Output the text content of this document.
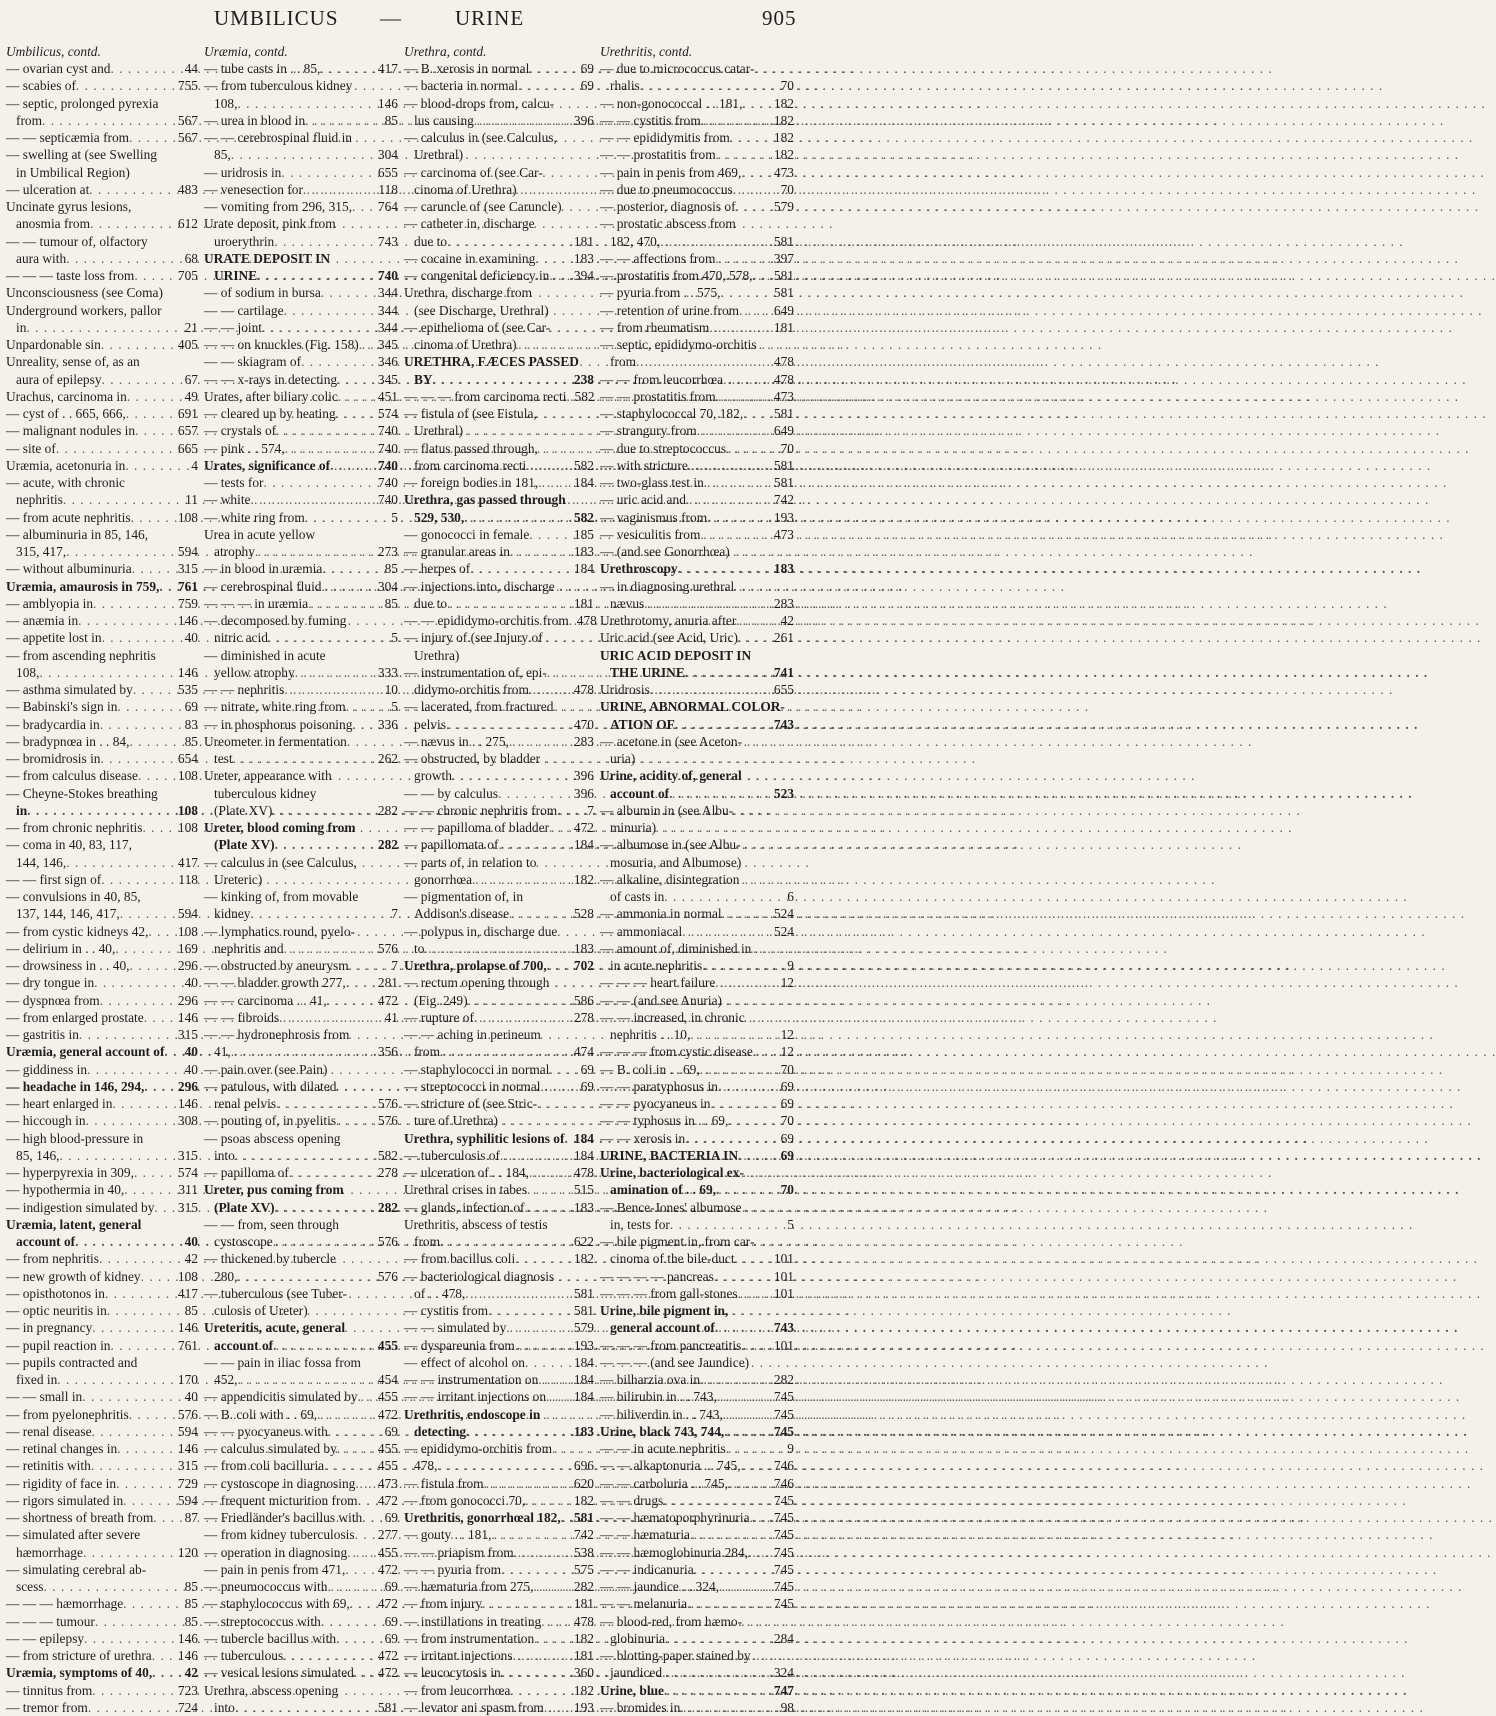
UMBILICUS —	URINE	905
Umbilicus, contd.
— ovarian cyst and . . .	44
— scabies of . . .	755
— septic, prolonged pyrexia
from . . .	567
— — septicæmia from . . .	567
— swelling at (see Swelling
in Umbilical Region)
— ulceration at . . .	483
Uncinate gyrus lesions,
anosmia from . . .	612
— — tumour of, olfactory
aura with . . .	68
— — — taste loss from . . .	705
Unconsciousness (see Coma)
Underground workers, pallor
in . . .	21
Unpardonable sin . . .	405
Unreality, sense of, as an
aura of epilepsy . . .	67
Urachus, carcinoma in . . .	49
— cyst of . . 665, 666, . . .	691
— malignant nodules in . . .	657
— site of . . .	665
Uræmia, acetonuria in . . .	4
— acute, with chronic
nephritis . . .	11
— from acute nephritis . . .	108
— albuminuria in 85, 146,
315, 417, . . .	594
— without albuminuria . . .	315
Uræmia, amaurosis in 759, . . . 761
— amblyopia in . . .	759
— anæmia in . . .	146
— appetite lost in . . .	40
— from ascending nephritis
108, . . .	146
— asthma simulated by . . .	535
— Babinski's sign in . . .	69
— bradycardia in . . .	83
— bradypnœa in . . 84, . . .	85
— bromidrosis in . . .	654
— from calculus disease . . .	108
— Cheyne-Stokes breathing
in . . .	108
— from chronic nephritis . . .	108
— coma in 40, 83, 117,
144, 146, . . .	417
— — first sign of . . .	118
— convulsions in 40, 85,
137, 144, 146, 417, . . .	594
— from cystic kidneys 42, . . . 108
— delirium in . . 40, . . .	169
— drowsiness in . . 40, . . .	296
— dry tongue in . . .	40
— dyspnœa from . . .	296
— from enlarged prostate . . .	146
— gastritis in . . .	315
Uræmia, general account of . . . 40
— giddiness in . . .	40
— headache in 146, 294, . . .	296
— heart enlarged in . . .	146
— hiccough in . . .	308
— high blood-pressure in
85, 146, . . .	315
— hyperpyrexia in 309, . . .	574
— hypothermia in 40, . . .	311
— indigestion simulated by . . . 315
Uræmia, latent, general
account of . . .	40
— from nephritis . . .	42
— new growth of kidney . . .	108
— opisthotonos in . . .	417
— optic neuritis in . . .	85
— in pregnancy . . .	146
— pupil reaction in . . .	761
— pupils contracted and
fixed in . . .	170
— — small in . . .	40
— from pyelonephritis . . .	576
— renal disease . . .	594
— retinal changes in . . .	146
— retinitis with . . .	315
— rigidity of face in . . .	729
— rigors simulated in . . .	594
— shortness of breath from . . . 87
— simulated after severe
hæmorrhage . . .	120
— simulating cerebral ab-
scess . . .	85
— — — hæmorrhage . . .	85
— — — tumour . . .	85
— — epilepsy . . .	146
— from stricture of urethra . . . 146
Uræmia, symptoms of 40, . . . 42
— tinnitus from . . .	723
— tremor from . . .	724
Uræmia, contd.
— tube casts in . . 85, . . .	417
— from tuberculous kidney
108, . . .	146
— urea in blood in . . .	85
— — cerebrospinal fluid in
85, . . .	304
— uridrosis in . . .	655
— venesection for . . .	118
— vomiting from 296, 315, . . . 764
Urate deposit, pink from
uroerythrin . . .	743
URATE DEPOSIT IN
URINE . . .	740
— of sodium in bursa . . .	344
— — cartilage . . .	344
— — joint . . .	344
— — on knuckles (Fig. 158) . . . 345
— — skiagram of . . .	346
— — x-rays in detecting . . .	345
Urates, after biliary colic . . .	451
— cleared up by heating . . .	574
— crystals of . . .	740
— pink . . 574, . . .	740
Urates, significance of . . .	740
— tests for . . .	740
— white . . .	740
— white ring from . . .	5
Urea in acute yellow
atrophy . . .	273
— in blood in uræmia . . .	85
— cerebrospinal fluid . . .	304
— — — in uræmia . . .	85
— decomposed by fuming
nitric acid . . .	5
— diminished in acute
yellow atrophy . . .	333
— — nephritis . . .	10
— nitrate, white ring from . . .	5
— in phosphorus poisoning . . . 336
Ureometer in fermentation
test . . .	262
Ureter, appearance with
tuberculous kidney
(Plate XV) . . .	282
Ureter, blood coming from
(Plate XV) . . .	282
— calculus in (see Calculus,
Ureteric)
— kinking of, from movable
kidney . . .	7
— lymphatics round, pyelo-
nephritis and . . .	576
— obstructed by aneurysm . . .	7
— — bladder growth 277, . . . 281
— — carcinoma . . 41, . . .	472
— — fibroids . . .	41
— — hydronephrosis from
41, . . .	356
— pain over (see Pain)
— patulous, with dilated
renal pelvis . . .	576
— pouting of, in pyelitis . . .	576
— psoas abscess opening
into . . .	582
— papilloma of . . .	278
Ureter, pus coming from
(Plate XV) . . .	282
— — from, seen through
cystoscope . . .	576
— thickened by tubercle
280, . . .	576
— tuberculous (see Tuber-
culosis of Ureter)
Ureteritis, acute, general
account of . . .	455
— — pain in iliac fossa from
452, . . .	454
— appendicitis simulated by . . . 455
— B. coli with . . 69, . . .	472
— — pyocyaneus with . . .	69
— calculus simulated by . . .	455
— from coli bacilluria . . .	455
— cystoscope in diagnosing . . . 473
— frequent micturition from . . . 472
— Friedländer's bacillus with . . . 69
— from kidney tuberculosis . . . 277
— operation in diagnosing . . . 455
— pain in penis from 471, . . . 472
— pneumococcus with . . .	69
— staphylococcus with 69, . . . 472
— streptococcus with . . .	69
— tubercle bacillus with . . .	69
— tuberculous . . .	472
— vesical lesions simulated . . . 472
Urethra, abscess opening
into . . .	581
Urethra, contd.
— B. xerosis in normal . . .	69
— bacteria in normal . . .	69
— blood-drops from, calcu-
lus causing . . .	396
— calculus in (see Calculus,
Urethral)
— carcinoma of (see Car-
cinoma of Urethra)
— caruncle of (see Caruncle)
— catheter in, discharge
due to . . .	181
— cocaine in examining . . .	183
— congenital deficiency in . . . 394
Urethra, discharge from
(see Discharge, Urethral)
— epithelioma of (see Car-
cinoma of Urethra)
URETHRA, FÆCES PASSED
BY . . .	238
— — — from carcinoma recti . . . 582
— fistula of (see Fistula,
Urethral)
— flatus passed through,
from carcinoma recti . . .	582
— foreign bodies in 181, . . .	184
Urethra, gas passed through
529, 530, . . .	582
— gonococci in female . . .	185
— granular areas in . . .	183
— herpes of . . .	184
— injections into, discharge
due to . . .	181
— — epididymo-orchitis from . . . 478
— injury of (see Injury of
Urethra)
— instrumentation of, epi-
didymo-orchitis from . . .	478
— lacerated, from fractured
pelvis . . .	470
— nævus in . . 275, . . .	283
— obstructed, by bladder
growth . . .	396
— — by calculus . . .	396
— — chronic nephritis from . . . 7
— — papilloma of bladder . . . 472
— papillomata of . . .	184
— parts of, in relation to
gonorrhœa . . .	182
— pigmentation of, in
Addison's disease . . .	528
— polypus in, discharge due
to . . .	183
Urethra, prolapse of 700, . . . 702
— rectum opening through
(Fig. 249) . . .	586
— rupture of . . .	278
— — aching in perineum
from . . .	474
— staphylococci in normal . . . 69
— streptococci in normal . . .	69
— stricture of (see Stric-
ture of Urethra)
Urethra, syphilitic lesions of . . . 184
— tuberculosis of . . .	184
— ulceration of . . 184, . . .	478
Urethral crises in tabes . . .	515
— glands, infection of . . .	183
Urethritis, abscess of testis
from . . .	622
— from bacillus coli . . .	182
— bacteriological diagnosis
of . . 478, . . .	581
— cystitis from . . .	581
— — simulated by . . .	579
— dyspareunia from . . .	193
— effect of alcohol on . . .	184
— — instrumentation on . . .	184
— — irritant injections on . . . 184
Urethritis, endoscope in
detecting . . .	183
— epididymo-orchitis from
478, . . .	696
— fistula from . . .	620
— from gonococci 70, . . .	182
Urethritis, gonorrhœal 182, . . . 581
— gouty . . 181, . . .	742
— — priapism from . . .	538
— — pyuria from . . .	575
— hæmaturia from 275, . . .	282
— from injury . . .	181
— instillations in treating . . . 478
— from instrumentation . . .	182
— irritant injections . . .	181
— leucocytosis in . . .	360
— from leucorrhœa . . .	182
— levator ani spasm from . . . 193
Urethritis, contd.
— due to micrococcus catar-
rhalis . . .	70
— non-gonococcal . . 181, . . . 182
— — cystitis from . . .	182
— — epididymitis from . . .	182
— — prostatitis from . . .	182
— pain in penis from 469, . . . 473
— due to pneumococcus . . .	70
— posterior, diagnosis of . . .	579
— prostatic abscess from
182, 470, . . .	581
— — affections from . . .	397
— prostatitis from 470, 578, . . . 581
— pyuria from . . 575, . . .	581
— retention of urine from . . .	649
— from rheumatism . . .	181
— septic, epididymo-orchitis
from . . .	478
— — from leucorrhœa . . .	478
— — prostatitis from . . .	473
— staphylococcal 70, 182, . . . 581
— strangury from . . .	649
— due to streptococcus . . .	70
— with stricture . . .	581
— two-glass test in . . .	581
— uric acid and . . .	742
— vaginismus from . . .	193
— vesiculitis from . . .	473
— (and see Gonorrhœa)
Urethroscopy . . .	183
— in diagnosing urethral
nævus . . .	283
Urethrotomy, anuria after . . .	42
Uric acid (see Acid, Uric) . . .	261
URIC ACID DEPOSIT IN
THE URINE . . .	741
Uridrosis . . .	655
URINE, ABNORMAL COLOR-
ATION OF . . .	743
— acetone in (see Aceton-
uria)
Urine, acidity of, general
account of . . .	523
— albumin in (see Albu-
minuria)
— albumose in (see Albu-
mosuria, and Albumose)
— alkaline, disintegration
of casts in . . .	6
— ammonia in normal . . .	524
— ammoniacal . . .	524
— amount of, diminished in
in acute nephritis . . .	9
— — — heart failure . . .	12
— — (and see Anuria)
— — increased, in chronic
nephritis . . 10, . . .	12
— — — from cystic disease . . . 12
— B. coli in . . 69, . . .	70
— — paratyphosus in . . .	69
— — pyocyaneus in . . .	69
— — typhosus in . . 69, . . .	70
— — xerosis in . . .	69
URINE, BACTERIA IN . . .	69
Urine, bacteriological ex-
amination of . . 69, . . .	70
— Bence-Jones' albumose
in, tests for . . .	5
— bile pigment in, from car-
cinoma of the bile-duct . . .	101
— — — — pancreas . . .	101
— — — from gall-stones . . .	101
Urine, bile pigment in,
general account of . . .	743
— — — from pancreatitis . . . 101
— — — (and see Jaundice)
— bilharzia ova in . . .	282
— bilirubin in . . 743, . . .	745
— biliverdin in . . 743, . . .	745
Urine, black 743, 744, . . .	745
— — in acute nephritis . . .	9
— — alkaptonuria . . 745, . . . 746
— — carboluria . . 745, . . .	746
— — drugs . . .	745
— — hæmatoporphyrinuria . . . 745
— — hæmaturia . . .	745
— — hæmoglobinuria 284, . . . 745
— — indicanuria . . .	745
— — jaundice . . 324, . . .	745
— — melanuria . . .	745
— blood-red, from hæmo-
globinuria . . .	284
— blotting-paper stained by
jaundiced . . .	324
Urine, blue . . .	747
— bromides in . . .	98
